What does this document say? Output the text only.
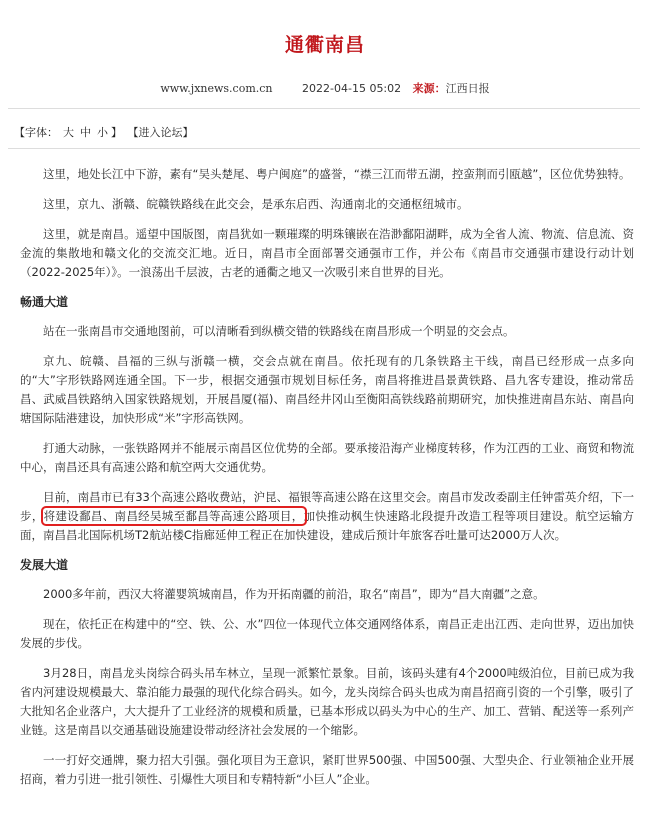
通衢南昌
www.jxnews.com.cn	2022-04-15 05:02 来源：江西日报
【字体： 大 中 小 】 【进入论坛】

这里，地处长江中下游，素有“吴头楚尾、粤户闽庭”的盛誉，“襟三江而带五湖，控蛮荆而引瓯越”，区位优势独特。

这里，京九、浙赣、皖赣铁路线在此交会，是承东启西、沟通南北的交通枢纽城市。

这里，就是南昌。遥望中国版图，南昌犹如一颗璀璨的明珠镶嵌在浩渺鄱阳湖畔，成为全省人流、物流、信息流、资金流的集散地和赣文化的交流交汇地。近日，南昌市全面部署交通强市工作，并公布《南昌市交通强市建设行动计划（2022-2025年）》。一浪荡出千层波，古老的通衢之地又一次吸引来自世界的目光。

畅通大道

站在一张南昌市交通地图前，可以清晰看到纵横交错的铁路线在南昌形成一个明显的交会点。

京九、皖赣、昌福的三纵与浙赣一横，交会点就在南昌。依托现有的几条铁路主干线，南昌已经形成一点多向的“大”字形铁路网连通全国。下一步，根据交通强市规划目标任务，南昌将推进昌景黄铁路、昌九客专建设，推动常岳昌、武威昌铁路纳入国家铁路规划，开展昌厦(福)、南昌经井冈山至衡阳高铁线路前期研究，加快推进南昌东站、南昌向塘国际陆港建设，加快形成“米”字形高铁网。

打通大动脉，一张铁路网并不能展示南昌区位优势的全部。要承接沿海产业梯度转移，作为江西的工业、商贸和物流中心，南昌还具有高速公路和航空两大交通优势。

目前，南昌市已有33个高速公路收费站，沪昆、福银等高速公路在这里交会。南昌市发改委副主任钟雷英介绍，下一步，将建设鄱昌、南昌经吴城至鄱昌等高速公路项目，加快推动枫生快速路北段提升改造工程等项目建设。航空运输方面，南昌昌北国际机场T2航站楼C指廊延伸工程正在加快建设，建成后预计年旅客吞吐量可达2000万人次。

发展大道

2000多年前，西汉大将灌婴筑城南昌，作为开拓南疆的前沿，取名“南昌”，即为“昌大南疆”之意。

现在，依托正在构建中的“空、铁、公、水”四位一体现代立体交通网络体系，南昌正走出江西、走向世界，迈出加快发展的步伐。

3月28日，南昌龙头岗综合码头吊车林立，呈现一派繁忙景象。目前，该码头建有4个2000吨级泊位，目前已成为我省内河建设规模最大、靠泊能力最强的现代化综合码头。如今，龙头岗综合码头也成为南昌招商引资的一个引擎，吸引了大批知名企业落户，大大提升了工业经济的规模和质量，已基本形成以码头为中心的生产、加工、营销、配送等一系列产业链。这是南昌以交通基础设施建设带动经济社会发展的一个缩影。

一一打好交通牌，聚力招大引强。强化项目为王意识，紧盯世界500强、中国500强、大型央企、行业领袖企业开展招商，着力引进一批引领性、引爆性大项目和专精特新“小巨人”企业。
